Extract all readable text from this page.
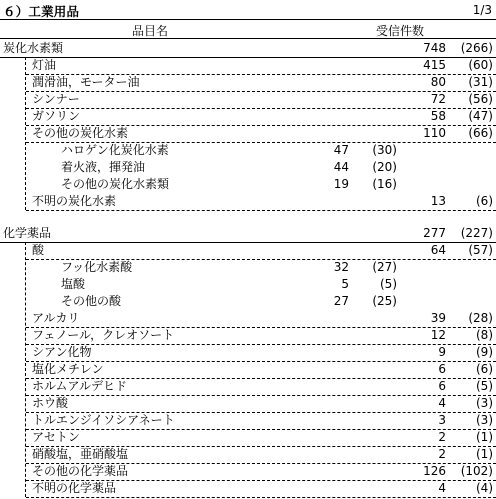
６）工業用品	1/3
品目名	受信件数
炭化水素類	748 (266)
灯油	415 (60)
潤滑油，モーター油	80 (31)
シンナー	72 (56)
ガソリン	58 (47)
その他の炭化水素	110 (66)
ハロゲン化炭化水素	47 (30)
着火液，揮発油	44 (20)
その他の炭化水素類	19 (16)
不明の炭化水素	13	(6)
化学薬品	277 (227)
酸	64 (57)
フッ化水素酸	32 (27)
塩酸	5	(5)
その他の酸	27 (25)
アルカリ	39 (28)
フェノール，クレオソート	12	(8)
シアン化物	9	(9)
塩化メチレン	6	(6)
ホルムアルデヒド	6	(5)
ホウ酸	4	(3)
トルエンジイソシアネート	3	(3)
アセトン	2	(1)
硝酸塩，亜硝酸塩	2	(1)
その他の化学薬品	126 (102)
不明の化学薬品	4	(4)
